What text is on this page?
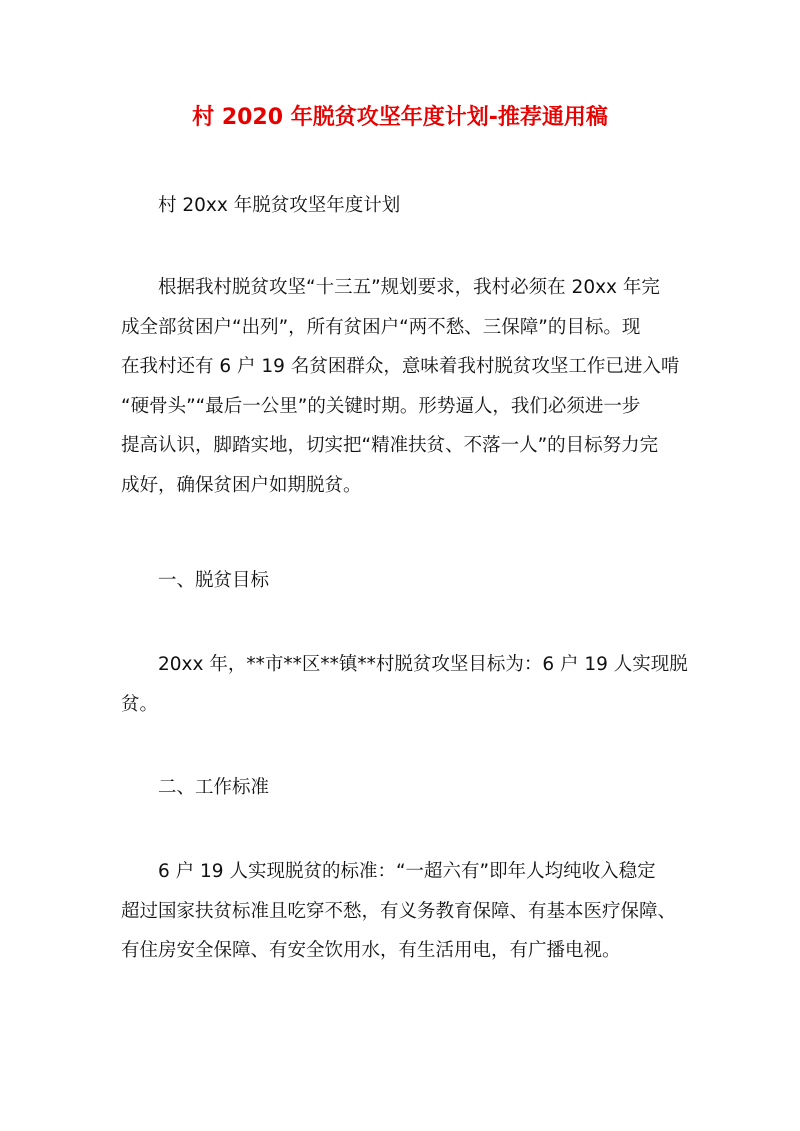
村 2020 年脱贫攻坚年度计划-推荐通用稿
村 20xx 年脱贫攻坚年度计划
根据我村脱贫攻坚“十三五”规划要求，我村必须在 20xx 年完
成全部贫困户“出列”，所有贫困户“两不愁、三保障”的目标。现
在我村还有 6 户 19 名贫困群众，意味着我村脱贫攻坚工作已进入啃
“硬骨头”“最后一公里”的关键时期。形势逼人，我们必须进一步
提高认识，脚踏实地，切实把“精准扶贫、不落一人”的目标努力完
成好，确保贫困户如期脱贫。
一、脱贫目标
20xx 年，**市**区**镇**村脱贫攻坚目标为：6 户 19 人实现脱
贫。
二、工作标准
6 户 19 人实现脱贫的标准：“一超六有”即年人均纯收入稳定
超过国家扶贫标准且吃穿不愁，有义务教育保障、有基本医疗保障、
有住房安全保障、有安全饮用水，有生活用电，有广播电视。
